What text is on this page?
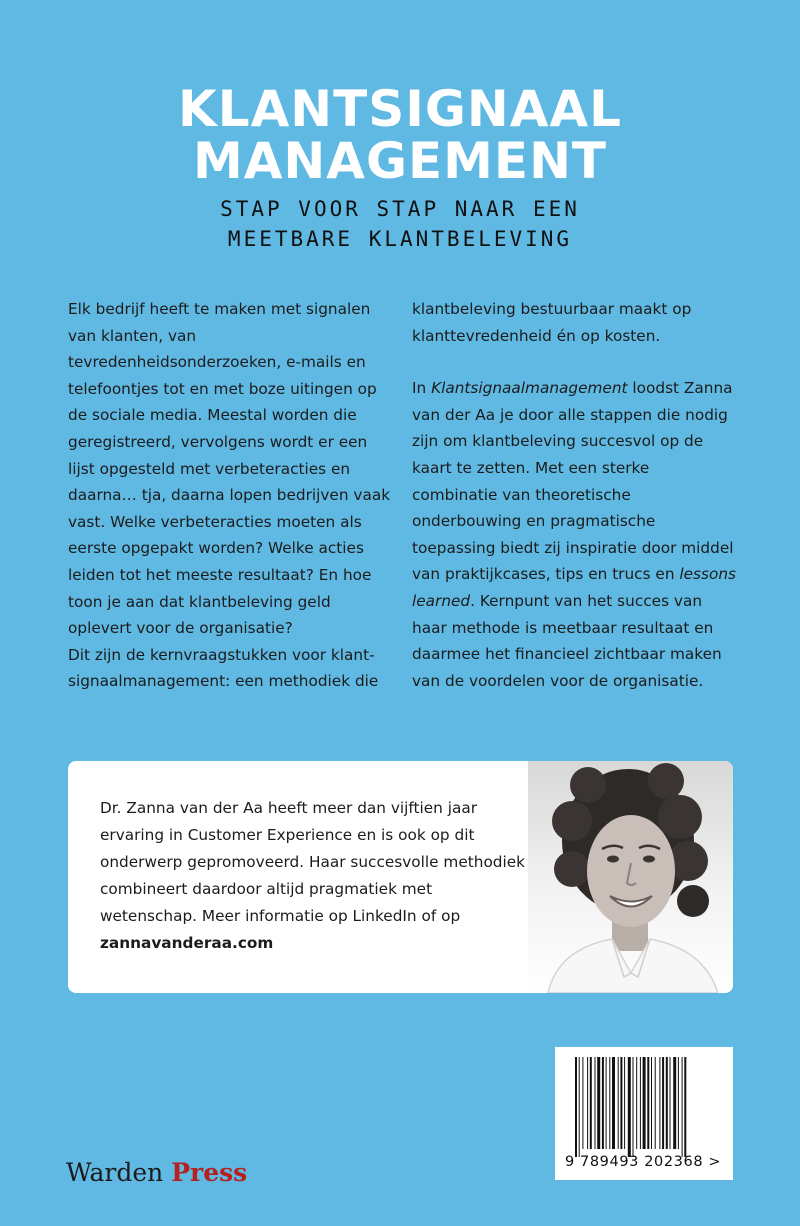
KLANTSIGNAAL
MANAGEMENT
STAP VOOR STAP NAAR EEN
MEETBARE KLANTBELEVING

Elk bedrijf heeft te maken met signalen van klanten, van tevredenheidsonderzoeken, e-mails en telefoontjes tot en met boze uitingen op de sociale media. Meestal worden die geregistreerd, vervolgens wordt er een lijst opgesteld met verbeteracties en daarna… tja, daarna lopen bedrijven vaak vast. Welke verbeteracties moeten als eerste opgepakt worden? Welke acties leiden tot het meeste resultaat? En hoe toon je aan dat klantbeleving geld oplevert voor de organisatie?

Dit zijn de kernvraagstukken voor klantsignaalmanagement: een methodiek die

klantbeleving bestuurbaar maakt op klanttevredenheid én op kosten.

In Klantsignaalmanagement loodst Zanna van der Aa je door alle stappen die nodig zijn om klantbeleving succesvol op de kaart te zetten. Met een sterke combinatie van theoretische onderbouwing en pragmatische toepassing biedt zij inspiratie door middel van praktijkcases, tips en trucs en lessons learned. Kernpunt van het succes van haar methode is meetbaar resultaat en daarmee het financieel zichtbaar maken van de voordelen voor de organisatie.

Dr. Zanna van der Aa heeft meer dan vijftien jaar ervaring in Customer Experience en is ook op dit onderwerp gepromoveerd. Haar succesvolle methodiek combineert daardoor altijd pragmatiek met wetenschap. Meer informatie op LinkedIn of op

zannavanderaa.com
9 789493 202368 >
Warden Press
